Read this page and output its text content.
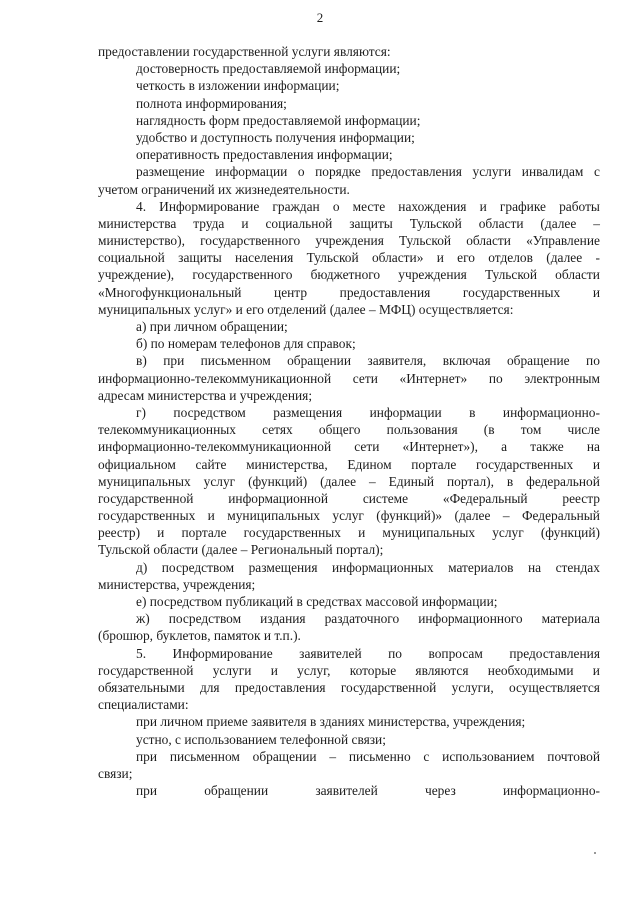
2
предоставлении государственной услуги являются:
достоверность предоставляемой информации;
четкость в изложении информации;
полнота информирования;
наглядность форм предоставляемой информации;
удобство и доступность получения информации;
оперативность предоставления информации;
размещение информации о порядке предоставления услуги инвалидам с
учетом ограничений их жизнедеятельности.
4. Информирование граждан о месте нахождения и графике работы
министерства труда и социальной защиты Тульской области (далее –
министерство), государственного учреждения Тульской области «Управление
социальной защиты населения Тульской области» и его отделов (далее -
учреждение), государственного бюджетного учреждения Тульской области
«Многофункциональный центр предоставления государственных и
муниципальных услуг» и его отделений (далее – МФЦ) осуществляется:
а) при личном обращении;
б) по номерам телефонов для справок;
в) при письменном обращении заявителя, включая обращение по
информационно-телекоммуникационной сети «Интернет» по электронным
адресам министерства и учреждения;
г) посредством размещения информации в информационно-
телекоммуникационных сетях общего пользования (в том числе
информационно-телекоммуникационной сети «Интернет»), а также на
официальном сайте министерства, Едином портале государственных и
муниципальных услуг (функций) (далее – Единый портал), в федеральной
государственной	информационной	системе	«Федеральный	реестр
государственных и муниципальных услуг (функций)» (далее – Федеральный
реестр) и портале государственных и муниципальных услуг (функций)
Тульской области (далее – Региональный портал);
д) посредством размещения информационных материалов на стендах
министерства, учреждения;
е) посредством публикаций в средствах массовой информации;
ж) посредством издания раздаточного информационного материала
(брошюр, буклетов, памяток и т.п.).
5. Информирование заявителей по вопросам предоставления
государственной услуги и услуг, которые являются необходимыми и
обязательными для предоставления государственной услуги, осуществляется
специалистами:
при личном приеме заявителя в зданиях министерства, учреждения;
устно, с использованием телефонной связи;
при письменном обращении – письменно с использованием почтовой
связи;
при	обращении	заявителей	через	информационно-
